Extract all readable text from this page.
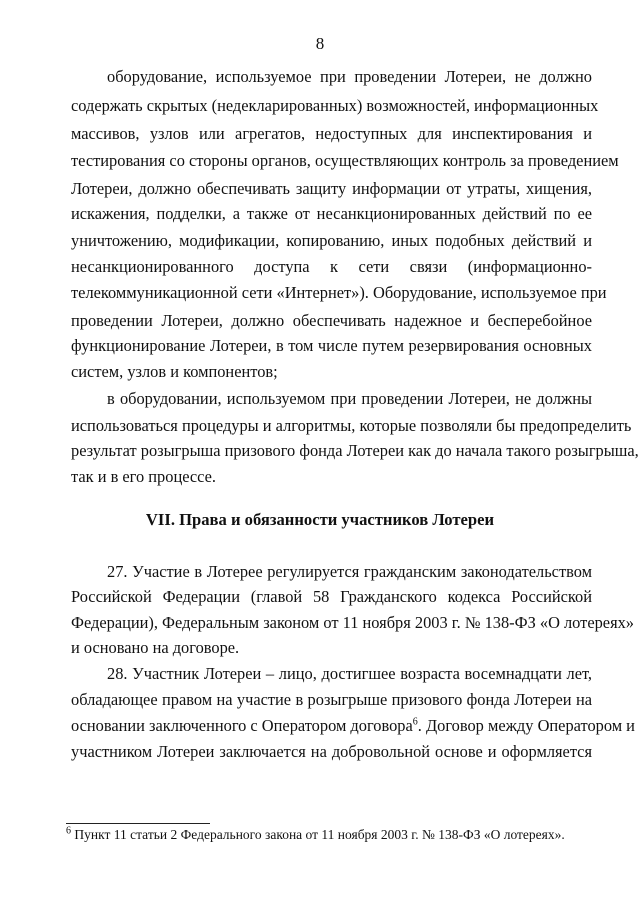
8
оборудование, используемое при проведении Лотереи, не должно
содержать скрытых (недекларированных) возможностей, информационных
массивов, узлов или агрегатов, недоступных для инспектирования и
тестирования со стороны органов, осуществляющих контроль за проведением
Лотереи, должно обеспечивать защиту информации от утраты, хищения,
искажения, подделки, а также от несанкционированных действий по ее
уничтожению, модификации, копированию, иных подобных действий и
несанкционированного доступа к сети связи (информационно-
телекоммуникационной сети «Интернет»). Оборудование, используемое при
проведении Лотереи, должно обеспечивать надежное и бесперебойное
функционирование Лотереи, в том числе путем резервирования основных
систем, узлов и компонентов;
в оборудовании, используемом при проведении Лотереи, не должны
использоваться процедуры и алгоритмы, которые позволяли бы предопределить
результат розыгрыша призового фонда Лотереи как до начала такого розыгрыша,
так и в его процессе.
VII. Права и обязанности участников Лотереи
27. Участие в Лотерее регулируется гражданским законодательством
Российской Федерации (главой 58 Гражданского кодекса Российской
Федерации), Федеральным законом от 11 ноября 2003 г. № 138-ФЗ «О лотереях»
и основано на договоре.
28. Участник Лотереи – лицо, достигшее возраста восемнадцати лет,
обладающее правом на участие в розыгрыше призового фонда Лотереи на
основании заключенного с Оператором договора$^6$. Договор между Оператором и
участником Лотереи заключается на добровольной основе и оформляется
$^6$ Пункт 11 статьи 2 Федерального закона от 11 ноября 2003 г. № 138-ФЗ «О лотереях».
